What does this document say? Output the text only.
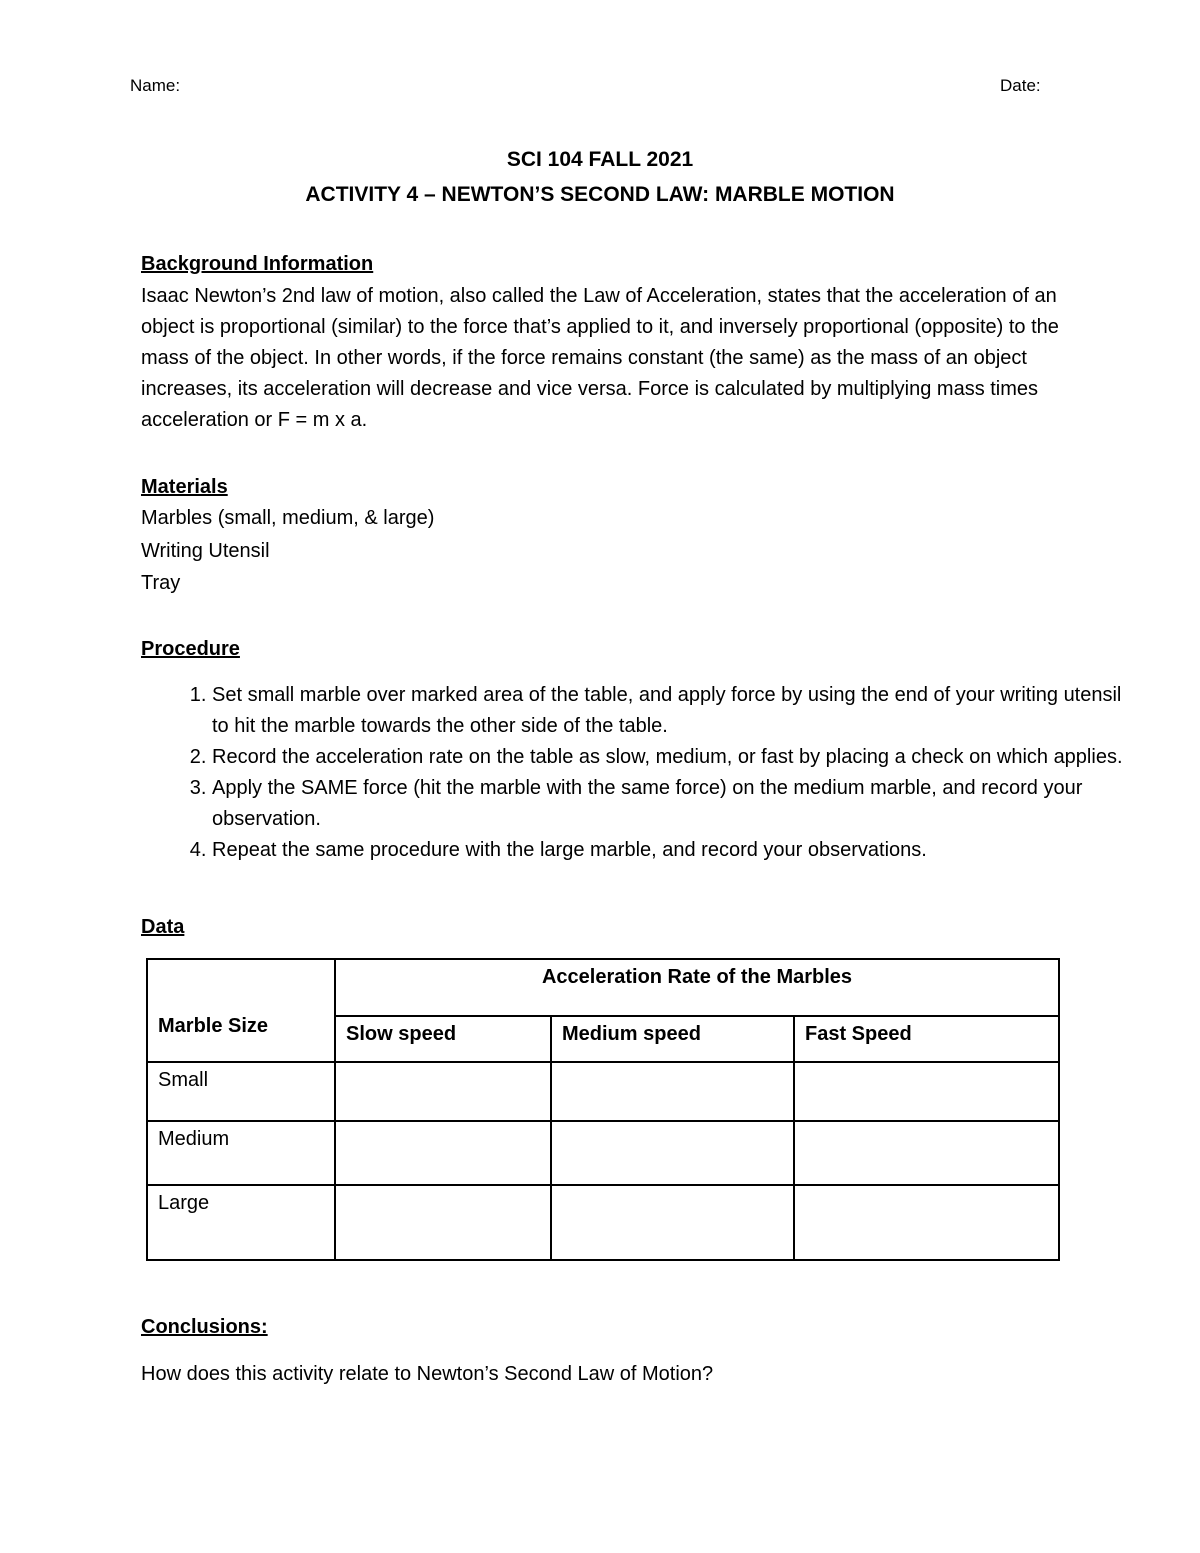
Name:	Date:
SCI 104 FALL 2021
ACTIVITY 4 – NEWTON’S SECOND LAW: MARBLE MOTION
Background Information

Isaac Newton’s 2nd law of motion, also called the Law of Acceleration, states that the acceleration of an object is proportional (similar) to the force that’s applied to it, and inversely proportional (opposite) to the mass of the object. In other words, if the force remains constant (the same) as the mass of an object increases, its acceleration will decrease and vice versa. Force is calculated by multiplying mass times acceleration or F = m x a.

Materials
Marbles (small, medium, & large)
Writing Utensil
Tray
Procedure
1. Set small marble over marked area of the table, and apply force by using the end of your writing utensil to hit the marble towards the other side of the table.
2. Record the acceleration rate on the table as slow, medium, or fast by placing a check on which applies.
3. Apply the SAME force (hit the marble with the same force) on the medium marble, and record your observation.
4. Repeat the same procedure with the large marble, and record your observations.
Data
Marble Size	Acceleration Rate of the Marbles		
	Slow speed	Medium speed	Fast Speed
Small			
Medium			
Large			
Conclusions:
How does this activity relate to Newton’s Second Law of Motion?
